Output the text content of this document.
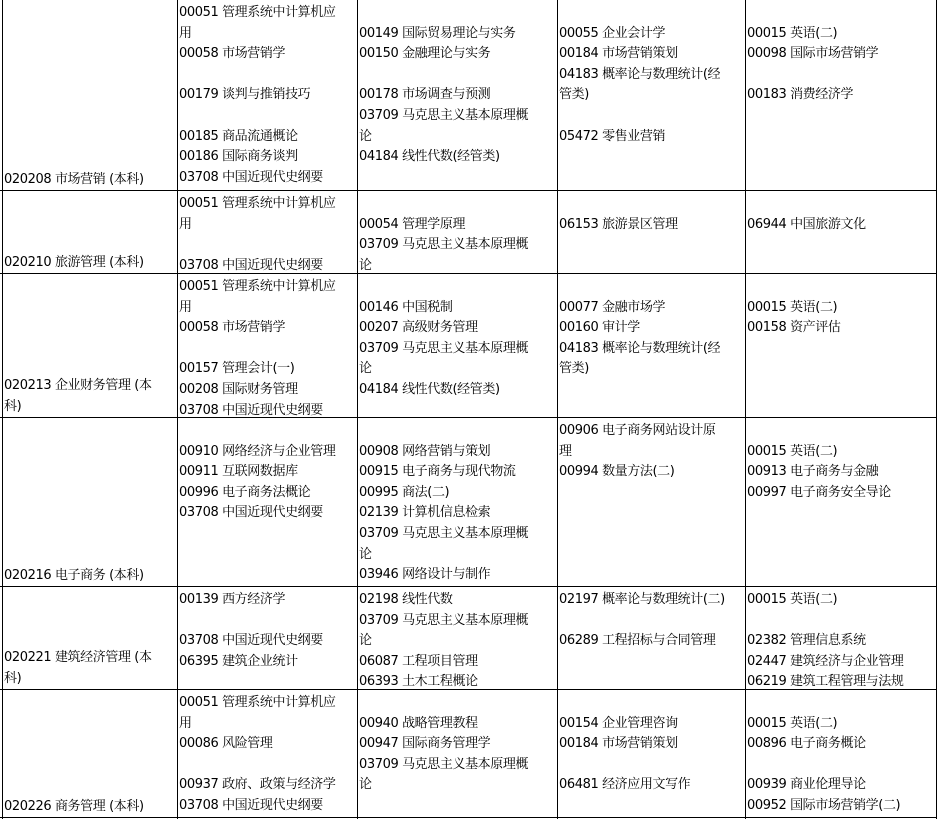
020208 市场营销 (本科)
00051 管理系统中计算机应
用
00058 市场营销学
00179 谈判与推销技巧
00185 商品流通概论
00186 国际商务谈判
03708 中国近现代史纲要
00149 国际贸易理论与实务
00150 金融理论与实务
00178 市场调查与预测
03709 马克思主义基本原理概
论
04184 线性代数(经管类)
00055 企业会计学
00184 市场营销策划
04183 概率论与数理统计(经
管类)
05472 零售业营销
00015 英语(二)
00098 国际市场营销学
00183 消费经济学
020210 旅游管理 (本科)
00051 管理系统中计算机应
用
03708 中国近现代史纲要
00054 管理学原理
03709 马克思主义基本原理概
论
06153 旅游景区管理	06944 中国旅游文化
020213 企业财务管理 (本
科)
00051 管理系统中计算机应
用
00058 市场营销学
00157 管理会计(一)
00208 国际财务管理
03708 中国近现代史纲要
00146 中国税制
00207 高级财务管理
03709 马克思主义基本原理概
论
04184 线性代数(经管类)
00077 金融市场学
00160 审计学
04183 概率论与数理统计(经
管类)
00015 英语(二)
00158 资产评估
020216 电子商务 (本科)
00910 网络经济与企业管理
00911 互联网数据库
00996 电子商务法概论
03708 中国近现代史纲要
00908 网络营销与策划
00915 电子商务与现代物流
00995 商法(二)
02139 计算机信息检索
03709 马克思主义基本原理概
论
03946 网络设计与制作
00906 电子商务网站设计原
理
00994 数量方法(二)
00015 英语(二)
00913 电子商务与金融
00997 电子商务安全导论
020221 建筑经济管理 (本
科)
00139 西方经济学
03708 中国近现代史纲要
06395 建筑企业统计
02198 线性代数
03709 马克思主义基本原理概
论
06087 工程项目管理
06393 土木工程概论
02197 概率论与数理统计(二)
06289 工程招标与合同管理
00015 英语(二)
02382 管理信息系统
02447 建筑经济与企业管理
06219 建筑工程管理与法规
020226 商务管理 (本科)
00051 管理系统中计算机应
用
00086 风险管理
00937 政府、政策与经济学
03708 中国近现代史纲要
00940 战略管理教程
00947 国际商务管理学
03709 马克思主义基本原理概
论
00154 企业管理咨询
00184 市场营销策划
06481 经济应用文写作
00015 英语(二)
00896 电子商务概论
00939 商业伦理导论
00952 国际市场营销学(二)
